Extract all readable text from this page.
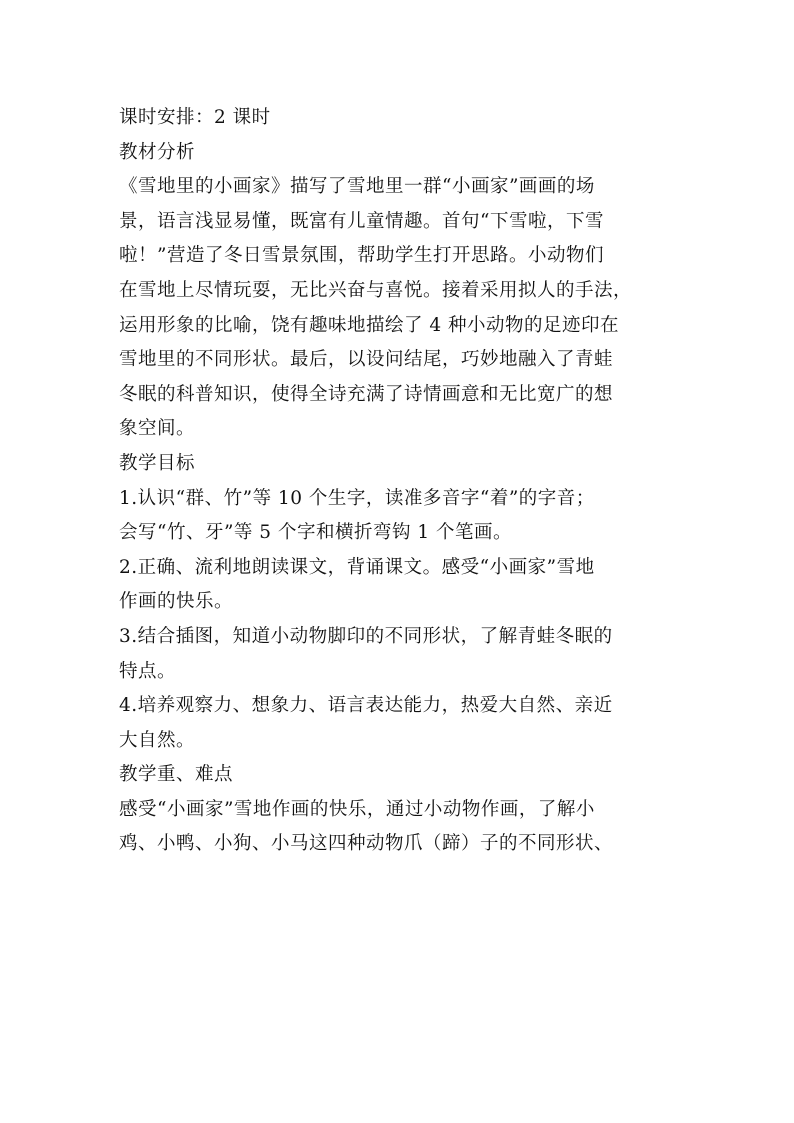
课时安排：2 课时
教材分析
《雪地里的小画家》描写了雪地里一群“小画家”画画的场
景，语言浅显易懂，既富有儿童情趣。首句“下雪啦，下雪
啦！”营造了冬日雪景氛围，帮助学生打开思路。小动物们
在雪地上尽情玩耍，无比兴奋与喜悦。接着采用拟人的手法，
运用形象的比喻，饶有趣味地描绘了 4 种小动物的足迹印在
雪地里的不同形状。最后，以设问结尾，巧妙地融入了青蛙
冬眠的科普知识，使得全诗充满了诗情画意和无比宽广的想
象空间。
教学目标
1.认识“群、竹”等 10 个生字，读准多音字“着”的字音；
会写“竹、牙”等 5 个字和横折弯钩 1 个笔画。
2.正确、流利地朗读课文，背诵课文。感受“小画家”雪地
作画的快乐。
3.结合插图，知道小动物脚印的不同形状，了解青蛙冬眠的
特点。
4.培养观察力、想象力、语言表达能力，热爱大自然、亲近
大自然。
教学重、难点
感受“小画家”雪地作画的快乐，通过小动物作画，了解小
鸡、小鸭、小狗、小马这四种动物爪（蹄）子的不同形状、
